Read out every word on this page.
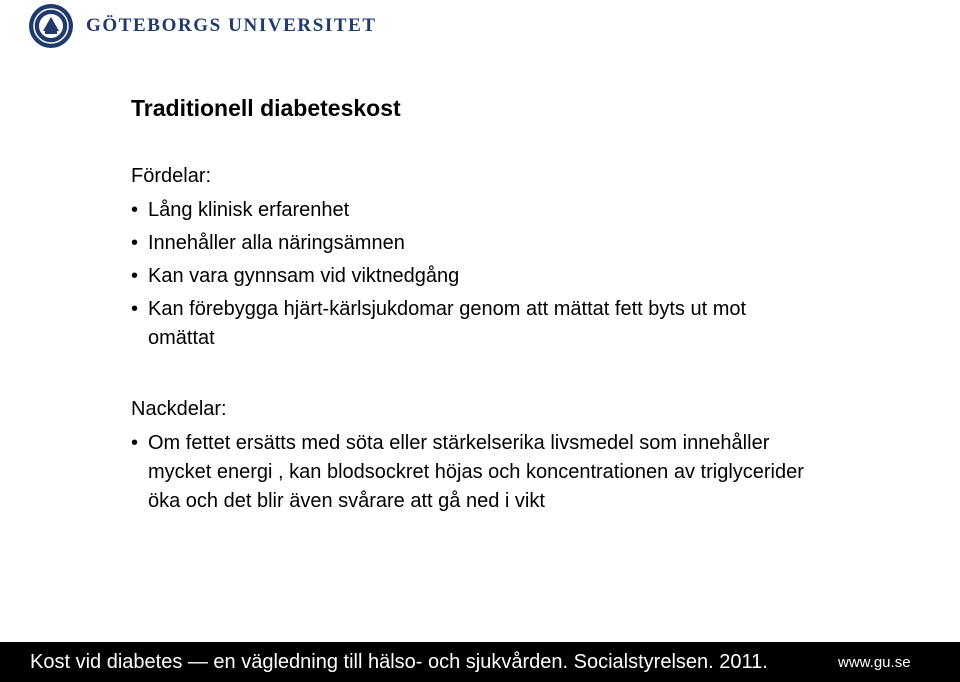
GÖTEBORGS UNIVERSITET
Traditionell diabeteskost
Fördelar:
• Lång klinisk erfarenhet
• Innehåller alla näringsämnen
• Kan vara gynnsam vid viktnedgång
• Kan förebygga hjärt-kärlsjukdomar genom att mättat fett byts ut mot omättat
Nackdelar:
• Om fettet ersätts med söta eller stärkelserika livsmedel som innehåller mycket energi , kan blodsockret höjas och koncentrationen av triglycerider öka och det blir även svårare att gå ned i vikt
Kost vid diabetes — en vägledning till hälso- och sjukvården. Socialstyrelsen. 2011.	www.gu.se
